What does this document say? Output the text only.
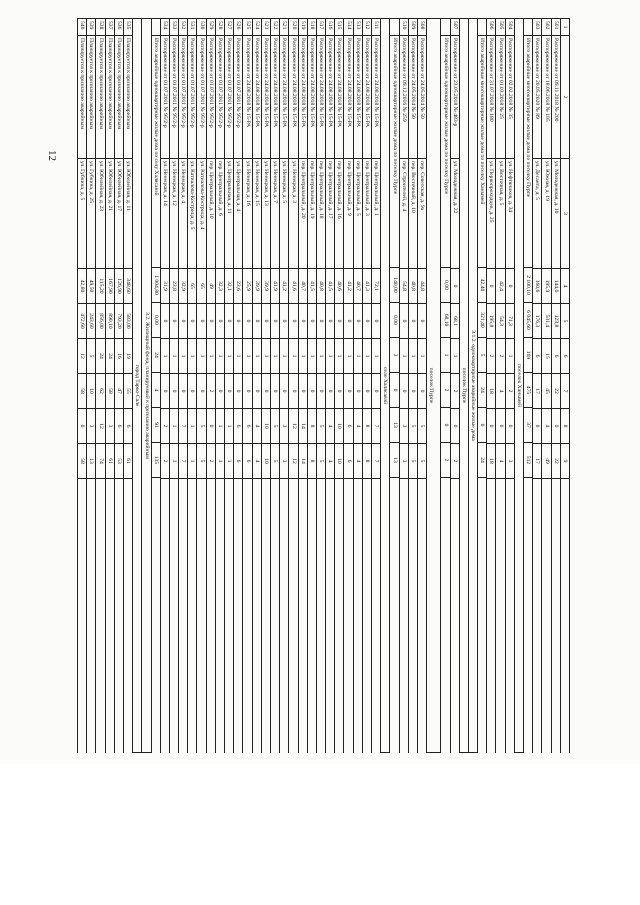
12
1
2
3
4
5
6
7
8
9
501
Распоряжение от 09.11.2018 № 200
ул. Молодежная, д. 10
144,6
123,8
6
22
0
22
502
Распоряжение от 18.06.2018 № 105
ул. Южная, д. 19
195,9
531,4
15
45
4
49
503
Распоряжение от 20.05.2020 № 89
ул. Десанта, д. 5
160,6
176,3
6
17
0
17
Итого аварийные многоквартирные жилые дома по поселку Пурпе
2 100,10
6 045,60
169
475
37
512
поселок Ханымей
504
Распоряжение от 02.02.2018 № 35
ул. Нефтяников, д. 34
0
71,3
1
2
0
3
505
Распоряжение от 01.03.2018 № 25
ул. Восточная, д. 5
42,4
54,3
2
4
0
4
506
Распоряжение от 31.07.2018 № 180
ул. Первопроходцев, д. 25
0
195,8
2
18
0
18
Итого аварийные многоквартирные жилые дома по поселку Ханымей
42,40
321,40
5
24
0
24
3.1.2. одноквартирные аварийные жилые дома
поселок Пурпе
507
Распоряжение от 23.05.2018 № 483-р
ул. Молодежная, д. 22
0
68,1
1
2
0
2
Итого аварийные одноквартирные жилые дома по поселку Пурпе
0,00
68,10
1
2
0
2
поселок Пурпе
508
Распоряжение от 24.05.2014 № 50
пер. Советская, д. 9а
44,8
0
1
0
5
5
509
Распоряжение от 24.05.2014 № 50
пер. Восточный, д. 10
40,8
0
1
0
5
5
510
Распоряжение от 09.12.2016 № 259
пер. Строителей, д. 4
54,8
0
1
0
3
3
Итого аварийные одноквартирные жилые дома по поселку Пурпе
140,00
0,00
3
0
13
13
село Халясавэй
511
Распоряжение от 24.08.2018 № 15-РА
пер. Центральный, д. 1
72,1
0
1
0
7
7
512
Распоряжение от 24.08.2018 № 15-РА
пер. Центральный, д. 3
41,3
0
1
0
8
8
513
Распоряжение от 24.08.2018 № 15-РА
пер. Центральный, д. 5
40,7
0
1
0
4
4
514
Распоряжение от 24.08.2018 № 15-РА
пер. Центральный, д. 9
41,2
0
1
0
6
6
515
Распоряжение от 24.08.2018 № 15-РА
пер. Центральный, д. 16
40,6
0
1
0
10
10
516
Распоряжение от 24.08.2018 № 15-РА
пер. Центральный, д. 17
41,5
0
1
0
4
4
517
Распоряжение от 24.08.2018 № 15-РА
пер. Центральный, д. 18
40,8
0
1
0
5
5
518
Распоряжение от 24.08.2018 № 15-РА
пер. Центральный, д. 19
41,5
0
1
0
8
8
519
Распоряжение от 24.08.2018 № 15-РА
пер. Центральный, д. 20
40,7
0
1
0
14
14
520
Распоряжение от 24.08.2018 № 15-РА
ул. Ненецкая, д. 3
41,6
0
1
0
12
12
521
Распоряжение от 24.08.2018 № 15-РА
ул. Ненецкая, д. 5
41,2
0
1
0
3
3
522
Распоряжение от 24.08.2018 № 15-РА
ул. Ненецкая, д. 7
41,9
0
1
0
5
5
523
Распоряжение от 24.08.2018 № 15-РА
ул. Ненецкая, д. 13
39,9
0
1
0
10
10
524
Распоряжение от 24.08.2018 № 15-РА
ул. Ненецкая, д. 15
39,9
0
1
0
4
4
525
Распоряжение от 24.08.2018 № 15-РА
ул. Ненецкая, д. 16
25,9
0
1
0
6
6
526
Распоряжение от 01.07.2011 № 95/2-р
ул. Центральная, д. 4
23,6
0
1
0
6
6
527
Распоряжение от 01.07.2011 № 95/2-р
ул. Центральная, д. 11
32,1
0
1
0
1
1
528
Распоряжение от 01.07.2011 № 95/2-р
пер. Центральный, д. 6
32,3
0
1
0
1
1
529
Распоряжение от 01.07.2011 № 95/2-р
пер. Центральный, д. 10
49
0
1
2
0
2
530
Распоряжение от 01.07.2011 № 95/2-р
ул. Катиалова-Кострица, д. 4
65
0
1
0
5
5
531
Распоряжение от 01.07.2011 № 95/2-р
ул. Катиалова-Кострица, д. 5
65
0
1
0
1
1
532
Распоряжение от 01.07.2011 № 95/2-р
ул. Ненецкая, д. 4
32,9
0
1
0
7
7
533
Распоряжение от 01.07.2011 № 95/2-р
ул. Ненецкая, д. 12
23,8
0
1
0
1
1
534
Распоряжение от 01.07.2011 № 95/2-р
ул. Ненецкая, д. 14
31,9
0
1
0
2
2
Итого аварийные одноквартирные жилые дома по селу Халясавэй
1 004,80
0,00
24
4
91
135
3.2. Жилищный фонд, планируемый к признанию аварийным
город Тарко-Сале
535
Планируется к признанию аварийным
ул. Юбилейная, д. 11
348,60
583,00
19
55
6
61
536
Планируется к признанию аварийным
ул. Юбилейная, д. 17
126,90
793,20
16
47
6
53
537
Планируется к признанию аварийным
ул. Юбилейная, д. 21
167,90
890,10
24
58
3
61
538
Планируется к признанию аварийным
ул. Юбилейная, д. 23
115,20
856,00
24
62
12
74
539
Планируется к признанию аварийным
ул. Губкина, д. 25
49,50
243,60
5
10
3
13
540
Планируется к признанию аварийным
ул. Губкина, д. 5
42,80
472,60
12
58
0
58
